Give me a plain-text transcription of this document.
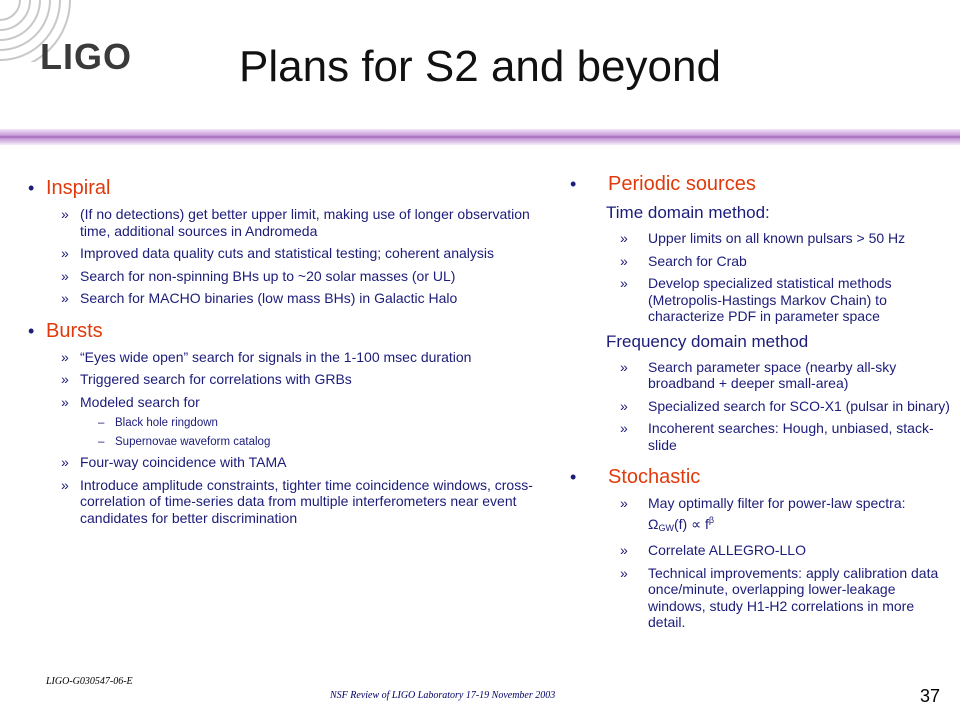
LIGO	Plans for S2 and beyond
• Inspiral
» (If no detections) get better upper limit, making use of longer observation time, additional sources in Andromeda
» Improved data quality cuts and statistical testing; coherent analysis
» Search for non-spinning BHs up to ~20 solar masses (or UL)
» Search for MACHO binaries (low mass BHs) in Galactic Halo
• Bursts
» “Eyes wide open” search for signals in the 1-100 msec duration
» Triggered search for correlations with GRBs
» Modeled search for
– Black hole ringdown
– Supernovae waveform catalog
» Four-way coincidence with TAMA
» Introduce amplitude constraints, tighter time coincidence windows, cross-correlation of time-series data from multiple interferometers near event candidates for better discrimination
• Periodic sources
Time domain method:
» Upper limits on all known pulsars > 50 Hz
» Search for Crab
» Develop specialized statistical methods (Metropolis-Hastings Markov Chain) to characterize PDF in parameter space
Frequency domain method
» Search parameter space (nearby all-sky broadband + deeper small-area)
» Specialized search for SCO-X1 (pulsar in binary)
» Incoherent searches: Hough, unbiased, stack-slide
• Stochastic
» May optimally filter for power-law spectra:
$\Omega GW(f) \propto f^\beta$
» Correlate ALLEGRO-LLO
» Technical improvements: apply calibration data once/minute, overlapping lower-leakage windows, study H1-H2 correlations in more detail.
LIGO-G030547-06-E
NSF Review of LIGO Laboratory 17-19 November 2003	37
